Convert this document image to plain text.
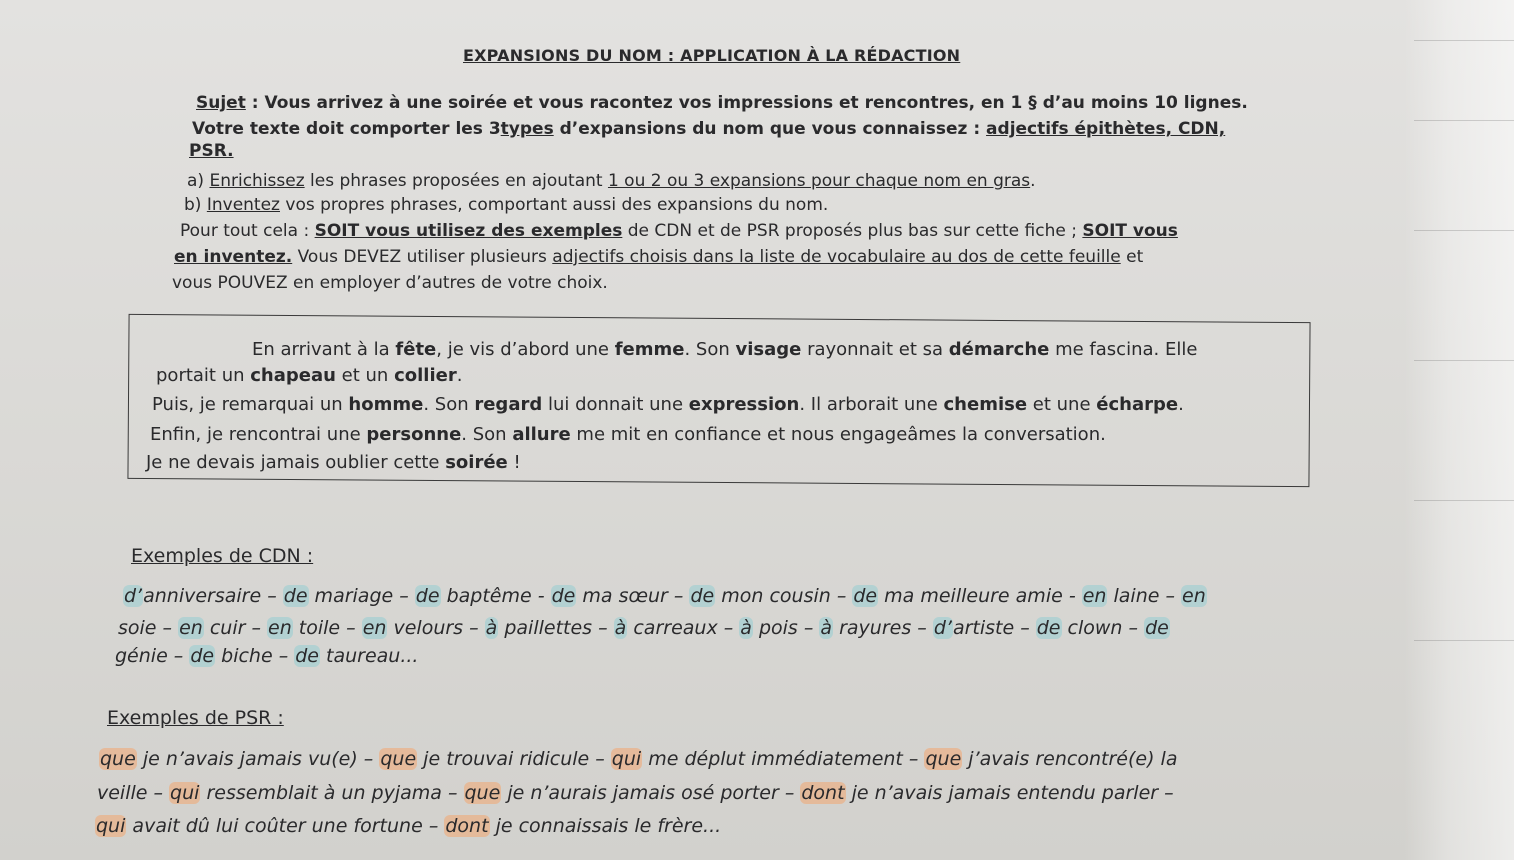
EXPANSIONS DU NOM : APPLICATION À LA RÉDACTION
Sujet : Vous arrivez à une soirée et vous racontez vos impressions et rencontres, en 1 § d’au moins 10 lignes.
Votre texte doit comporter les 3types d’expansions du nom que vous connaissez : adjectifs épithètes, CDN,
PSR.
a) Enrichissez les phrases proposées en ajoutant 1 ou 2 ou 3 expansions pour chaque nom en gras.
b) Inventez vos propres phrases, comportant aussi des expansions du nom.
Pour tout cela : SOIT vous utilisez des exemples de CDN et de PSR proposés plus bas sur cette fiche ; SOIT vous
en inventez. Vous DEVEZ utiliser plusieurs adjectifs choisis dans la liste de vocabulaire au dos de cette feuille et
vous POUVEZ en employer d’autres de votre choix.
En arrivant à la fête, je vis d’abord une femme. Son visage rayonnait et sa démarche me fascina. Elle
portait un chapeau et un collier.
Puis, je remarquai un homme. Son regard lui donnait une expression. Il arborait une chemise et une écharpe.
Enfin, je rencontrai une personne. Son allure me mit en confiance et nous engageâmes la conversation.
Je ne devais jamais oublier cette soirée !
Exemples de CDN :
d’anniversaire – de mariage – de baptême - de ma sœur – de mon cousin – de ma meilleure amie - en laine – en
soie – en cuir – en toile – en velours – à paillettes – à carreaux – à pois – à rayures – d’artiste – de clown – de
génie – de biche – de taureau...
Exemples de PSR :
que je n’avais jamais vu(e) – que je trouvai ridicule – qui me déplut immédiatement – que j’avais rencontré(e) la
veille – qui ressemblait à un pyjama – que je n’aurais jamais osé porter – dont je n’avais jamais entendu parler –
qui avait dû lui coûter une fortune – dont je connaissais le frère...
